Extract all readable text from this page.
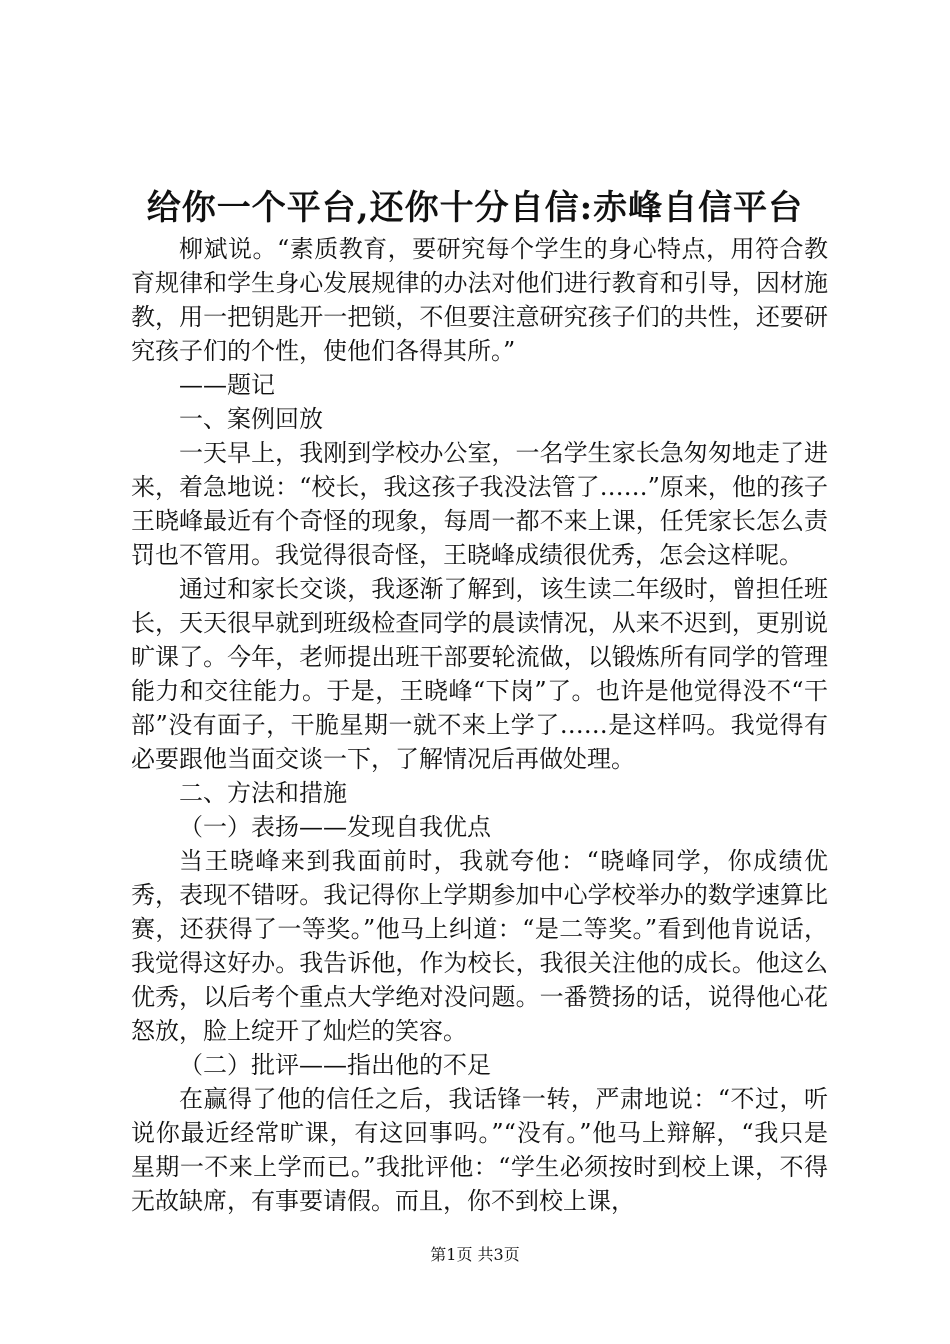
给你一个平台,还你十分自信:赤峰自信平台

柳斌说。“素质教育，要研究每个学生的身心特点，用符合教育规律和学生身心发展规律的办法对他们进行教育和引导，因材施教，用一把钥匙开一把锁，不但要注意研究孩子们的共性，还要研究孩子们的个性，使他们各得其所。”

——题记

一、案例回放

一天早上，我刚到学校办公室，一名学生家长急匆匆地走了进来，着急地说：“校长，我这孩子我没法管了……”原来，他的孩子王晓峰最近有个奇怪的现象，每周一都不来上课，任凭家长怎么责罚也不管用。我觉得很奇怪，王晓峰成绩很优秀，怎会这样呢。

通过和家长交谈，我逐渐了解到，该生读二年级时，曾担任班长，天天很早就到班级检查同学的晨读情况，从来不迟到，更别说旷课了。今年，老师提出班干部要轮流做，以锻炼所有同学的管理能力和交往能力。于是，王晓峰“下岗”了。也许是他觉得没不“干部”没有面子，干脆星期一就不来上学了……是这样吗。我觉得有必要跟他当面交谈一下，了解情况后再做处理。

二、方法和措施

（一）表扬——发现自我优点

当王晓峰来到我面前时，我就夸他：“晓峰同学，你成绩优秀，表现不错呀。我记得你上学期参加中心学校举办的数学速算比赛，还获得了一等奖。”他马上纠道：“是二等奖。”看到他肯说话，我觉得这好办。我告诉他，作为校长，我很关注他的成长。他这么优秀，以后考个重点大学绝对没问题。一番赞扬的话，说得他心花怒放，脸上绽开了灿烂的笑容。

（二）批评——指出他的不足

在赢得了他的信任之后，我话锋一转，严肃地说：“不过，听说你最近经常旷课，有这回事吗。”“没有。”他马上辩解，“我只是星期一不来上学而已。”我批评他：“学生必须按时到校上课，不得无故缺席，有事要请假。而且，你不到校上课，

第1页 共3页
